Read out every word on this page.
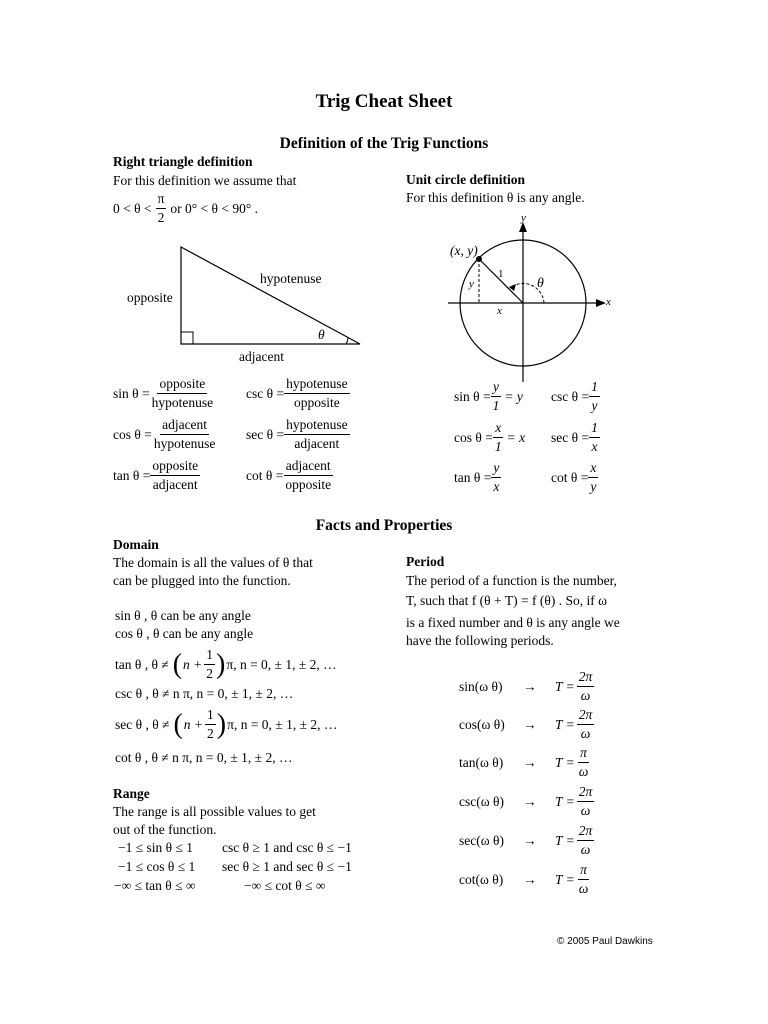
Trig Cheat Sheet
Definition of the Trig Functions
Right triangle definition
For this definition we assume that
$0 < \theta < \frac{\pi}{2}$ or 0° < θ < 90° .
opposite
hypotenuse
adjacent
θ
$\sin \theta = \frac{\text{opposite}}{\text{hypotenuse}}$ $\csc \theta = \frac{\text{hypotenuse}}{\text{opposite}}$
$\cos \theta = \frac{\text{adjacent}}{\text{hypotenuse}}$ $\sec \theta = \frac{\text{hypotenuse}}{\text{adjacent}}$
$\tan \theta = \frac{\text{opposite}}{\text{adjacent}}$	$\cot \theta = \frac{\text{adjacent}}{\text{opposite}}$
Unit circle definition
For this definition θ is any angle.
(x, y)
y
x
1
y
x
θ
$\sin \theta = \frac{y}{1} = y$ $\csc \theta = \frac{1}{y}$
$\cos \theta = \frac{x}{1} = x$ $\sec \theta = \frac{1}{x}$
$\tan \theta = \frac{y}{x}$	$\cot \theta = \frac{x}{y}$
Facts and Properties
Domain
The domain is all the values of θ that
can be plugged into the function.
sin θ , θ can be any angle
cos θ , θ can be any angle
tan θ , θ ≠ ( $n + \frac{1}{2}$ ) π, n = 0, ± 1, ± 2, …
csc θ , θ ≠ n π, n = 0, ± 1, ± 2, …
sec θ , θ ≠ ( $n + \frac{1}{2}$ ) π, n = 0, ± 1, ± 2, …
cot θ , θ ≠ n π, n = 0, ± 1, ± 2, …
Range
The range is all possible values to get
out of the function.
−1 ≤ sin θ ≤ 1 csc θ ≥ 1 and csc θ ≤ −1
−1 ≤ cos θ ≤ 1 sec θ ≥ 1 and sec θ ≤ −1
−∞ ≤ tan θ ≤ ∞	−∞ ≤ cot θ ≤ ∞
Period
The period of a function is the number,
T, such that f (θ + T) = f (θ) . So, if ω
is a fixed number and θ is any angle we
have the following periods.
sin(ω θ)	→	$T = \frac{2\pi}{\omega}$
cos(ω θ)	→	$T = \frac{2\pi}{\omega}$
tan(ω θ)	→	$T = \frac{\pi}{\omega}$
csc(ω θ)	→	$T = \frac{2\pi}{\omega}$
sec(ω θ)	→	$T = \frac{2\pi}{\omega}$
cot(ω θ)	→	$T = \frac{\pi}{\omega}$
© 2005 Paul Dawkins
